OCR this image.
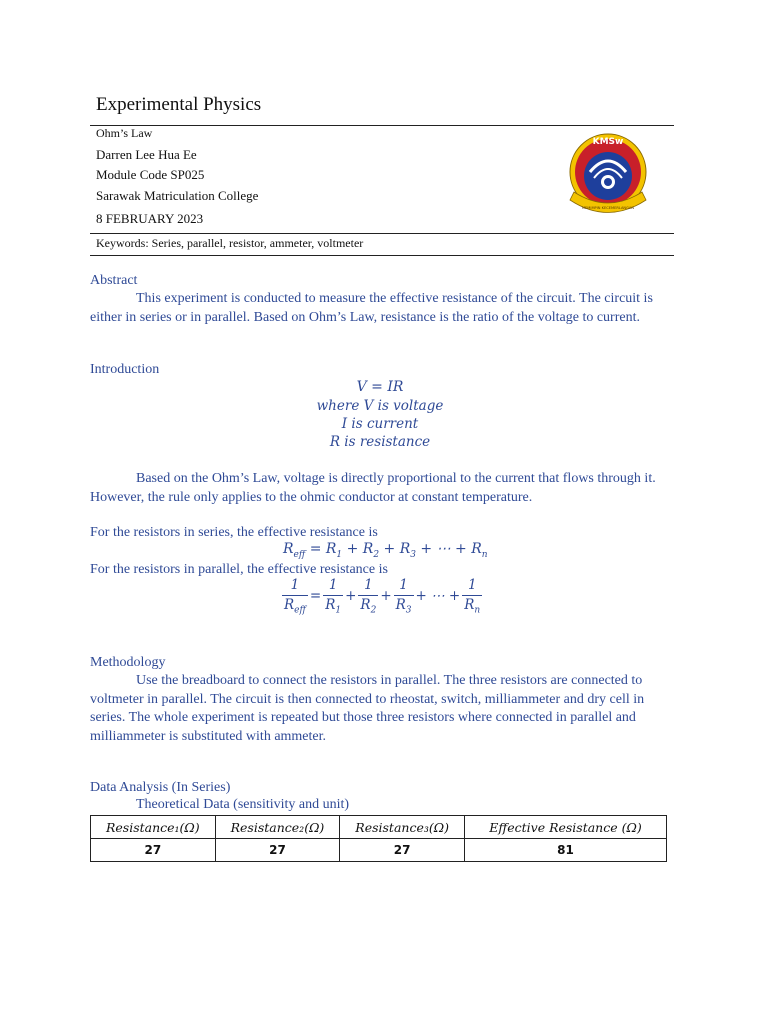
Experimental Physics
Ohm’s Law
Darren Lee Hua Ee
Module Code SP025
Sarawak Matriculation College
8 FEBRUARY 2023
Keywords: Series, parallel, resistor, ammeter, voltmeter
KMSw
MEMIMPIN KECEMERLANGAN
Abstract
This experiment is conducted to measure the effective resistance of the circuit. The circuit is either in series or in parallel. Based on Ohm’s Law, resistance is the ratio of the voltage to current.
Introduction
V = IR
where V is voltage
I is current
R is resistance
Based on the Ohm’s Law, voltage is directly proportional to the current that flows through it. However, the rule only applies to the ohmic conductor at constant temperature.
For the resistors in series, the effective resistance is
$R_{eff} = R_1 + R_2 + R_3$ + ⋯ + $R_n$
For the resistors in parallel, the effective resistance is
$\frac{1}{R_{eff}} = \frac{1}{R_1} + \frac{1}{R_2} + \frac{1}{R_3}$ + ⋯ + $\frac{1}{R_n}$
Methodology
Use the breadboard to connect the resistors in parallel. The three resistors are connected to voltmeter in parallel. The circuit is then connected to rheostat, switch, milliammeter and dry cell in series. The whole experiment is repeated but those three resistors where connected in parallel and milliammeter is substituted with ammeter.
Data Analysis (In Series)
Theoretical Data (sensitivity and unit)
Resistance₁(Ω)	Resistance₂(Ω)	Resistance₃(Ω)	Effective Resistance (Ω)
27	27	27	81
